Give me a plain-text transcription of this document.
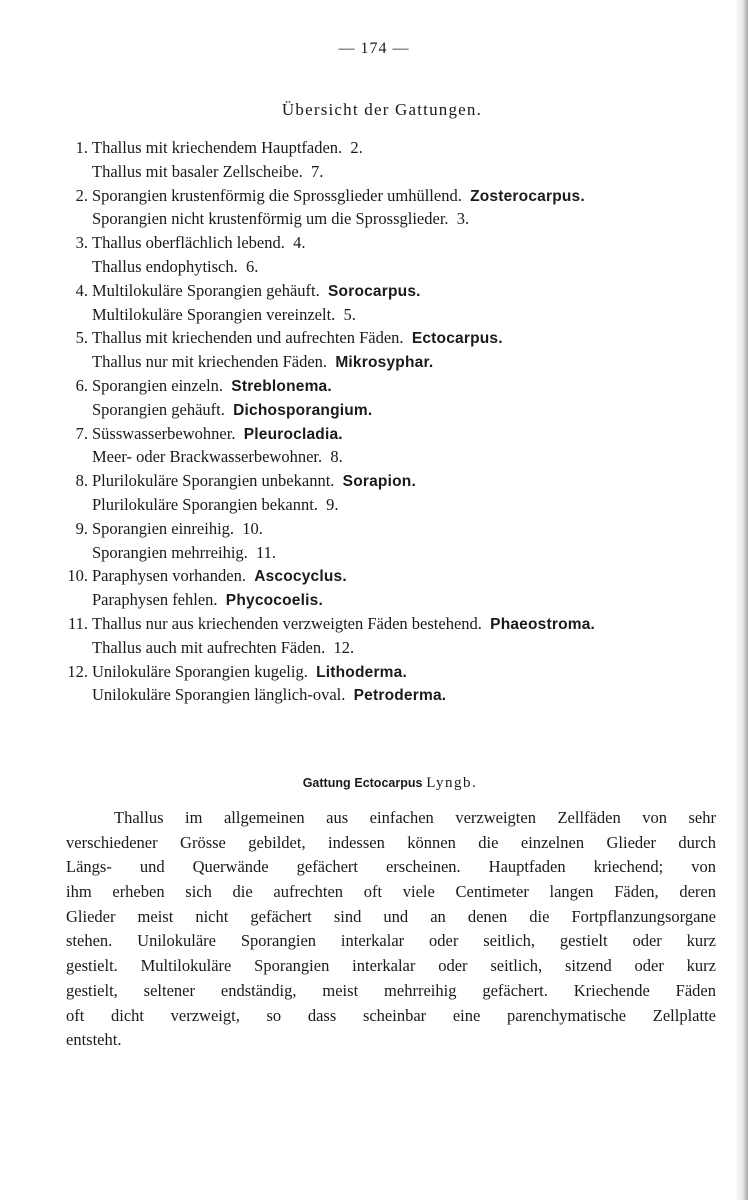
— 174 —
Übersicht der Gattungen.
1. Thallus mit kriechendem Hauptfaden.  2.
Thallus mit basaler Zellscheibe.  7.
2. Sporangien krustenförmig die Sprossglieder umhüllend.  Zosterocarpus.
Sporangien nicht krustenförmig um die Sprossglieder.  3.
3. Thallus oberflächlich lebend.  4.
Thallus endophytisch.  6.
4. Multilokuläre Sporangien gehäuft.  Sorocarpus.
Multilokuläre Sporangien vereinzelt.  5.
5. Thallus mit kriechenden und aufrechten Fäden.  Ectocarpus.
Thallus nur mit kriechenden Fäden.  Mikrosyphar.
6. Sporangien einzeln.  Streblonema.
Sporangien gehäuft.  Dichosporangium.
7. Süsswasserbewohner.  Pleurocladia.
Meer- oder Brackwasserbewohner.  8.
8. Plurilokuläre Sporangien unbekannt.  Sorapion.
Plurilokuläre Sporangien bekannt.  9.
9. Sporangien einreihig.  10.
Sporangien mehrreihig.  11.
10. Paraphysen vorhanden.  Ascocyclus.
Paraphysen fehlen.  Phycocoelis.
11. Thallus nur aus kriechenden verzweigten Fäden bestehend.  Phaeostroma.
Thallus auch mit aufrechten Fäden.  12.
12. Unilokuläre Sporangien kugelig.  Lithoderma.
Unilokuläre Sporangien länglich-oval.  Petroderma.
Gattung Ectocarpus Lyngb.
Thallus im allgemeinen aus einfachen verzweigten Zellfäden von sehr
verschiedener Grösse gebildet, indessen können die einzelnen Glieder durch
Längs- und Querwände gefächert erscheinen. Hauptfaden kriechend; von
ihm erheben sich die aufrechten oft viele Centimeter langen Fäden, deren
Glieder meist nicht gefächert sind und an denen die Fortpflanzungsorgane
stehen. Unilokuläre Sporangien interkalar oder seitlich, gestielt oder kurz
gestielt. Multilokuläre Sporangien interkalar oder seitlich, sitzend oder kurz
gestielt, seltener endständig, meist mehrreihig gefächert. Kriechende Fäden
oft dicht verzweigt, so dass scheinbar eine parenchymatische Zellplatte
entsteht.
